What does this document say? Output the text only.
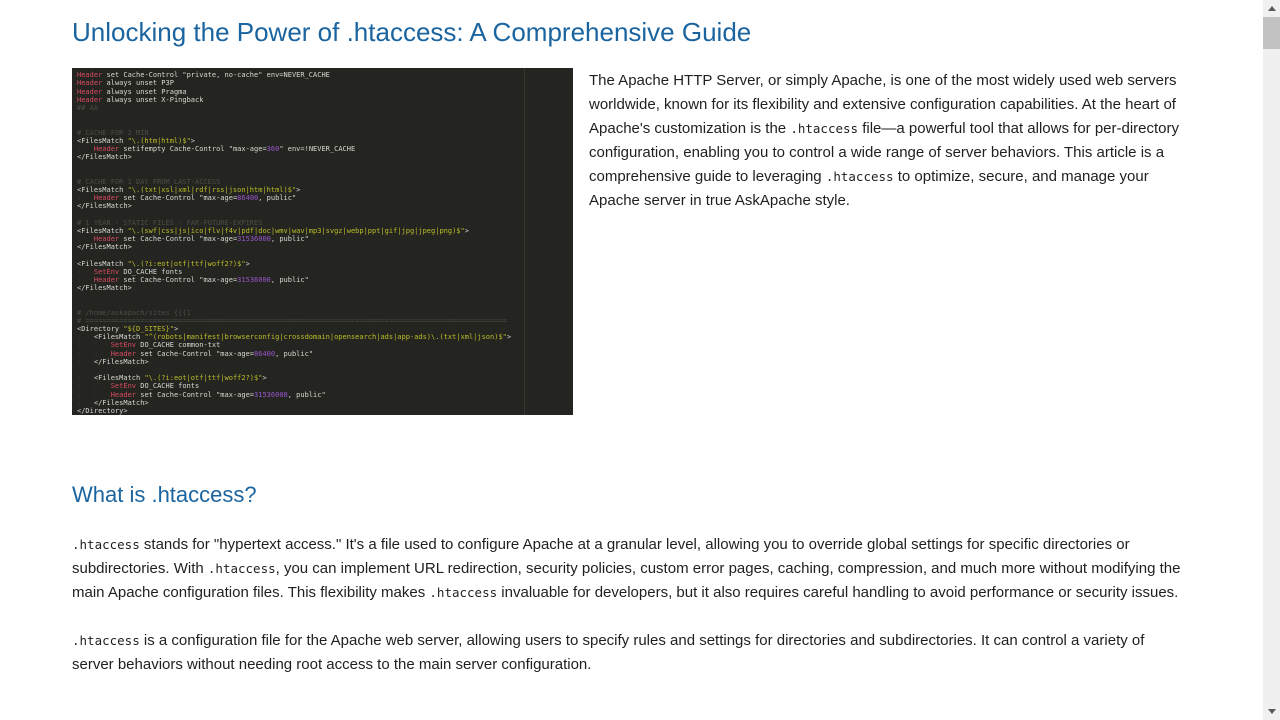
Unlocking the Power of .htaccess: A Comprehensive Guide
Header set Cache-Control "private, no-cache" env=NEVER_CACHE
Header always unset P3P
Header always unset Pragma
Header always unset X-Pingback
## AA
# CACHE FOR 2 MIN
<FilesMatch "\.(htm|html)$">
:   Header setifempty Cache-Control "max-age=360" env=!NEVER_CACHE
</FilesMatch>
# CACHE FOR 1 DAY FROM LAST-ACCESS
<FilesMatch "\.(txt|xsl|xml|rdf|rss|json|htm|html)$">
:   Header set Cache-Control "max-age=86400, public"
</FilesMatch>
# 1 YEAR - STATIC FILES - FAR-FUTURE-EXPIRES
<FilesMatch "\.(swf|css|js|ico|flv|f4v|pdf|doc|wmv|wav|mp3|svgz|webp|ppt|gif|jpg|jpeg|png)$">
:   Header set Cache-Control "max-age=31536000, public"
</FilesMatch>
<FilesMatch "\.(?i:eot|otf|ttf|woff2?)$">
:   SetEnv DO_CACHE fonts
:   Header set Cache-Control "max-age=31536000, public"
</FilesMatch>
# /home/askapach/sites {{{1
# ====================================================================================================
<Directory "${D_SITES}">
:   <FilesMatch "^(robots|manifest|browserconfig|crossdomain|opensearch|ads|app-ads)\.(txt|xml|json)$">
:   :   SetEnv DO_CACHE common-txt
:   :   Header set Cache-Control "max-age=86400, public"
:   </FilesMatch>
:   <FilesMatch "\.(?i:eot|otf|ttf|woff2?)$">
:   :   SetEnv DO_CACHE fonts
:   :   Header set Cache-Control "max-age=31536000, public"
:   </FilesMatch>
</Directory>

The Apache HTTP Server, or simply Apache, is one of the most widely used web servers worldwide, known for its flexibility and extensive configuration capabilities. At the heart of Apache's customization is the .htaccess file—a powerful tool that allows for per-directory configuration, enabling you to control a wide range of server behaviors. This article is a comprehensive guide to leveraging .htaccess to optimize, secure, and manage your Apache server in true AskApache style.

What is .htaccess?

.htaccess stands for "hypertext access." It's a file used to configure Apache at a granular level, allowing you to override global settings for specific directories or subdirectories. With .htaccess, you can implement URL redirection, security policies, custom error pages, caching, compression, and much more without modifying the main Apache configuration files. This flexibility makes .htaccess invaluable for developers, but it also requires careful handling to avoid performance or security issues.

.htaccess is a configuration file for the Apache web server, allowing users to specify rules and settings for directories and subdirectories. It can control a variety of server behaviors without needing root access to the main server configuration.
